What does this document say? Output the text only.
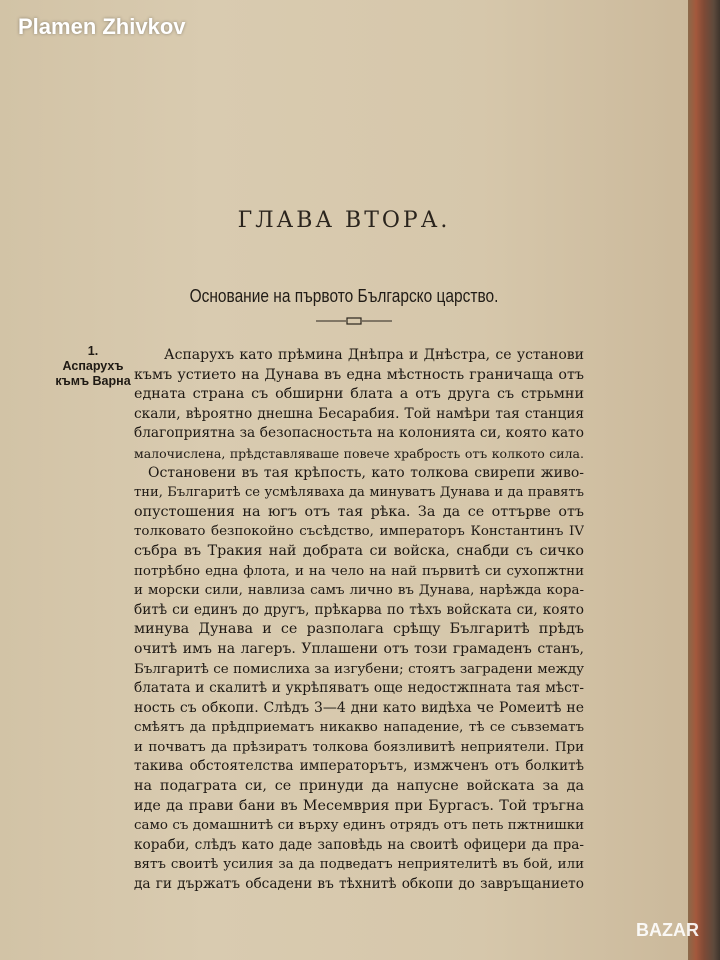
Plamen Zhivkov
ГЛАВА ВТОРА.
Основание на първото Българско царство.
1.
Аспарухъ
къмъ Варна
Аспарухъ като прѣмина Днѣпра и Днѣстра, се установи
къмъ устието на Дунава въ една мѣстность граничаща отъ
едната страна съ обширни блата а отъ друга съ стрьмни
скали, вѣроятно днешна Бесарабия. Той намѣри тая станция
благоприятна за безопасностьта на колонията си, която като
малочислена, прѣдставляваше повече храбрость отъ колкото сила.
Остановени въ тая крѣпость, като толкова свирепи живо-
тни, Българитѣ се усмѣляваха да минуватъ Дунава и да правятъ
опустошения на югъ отъ тая рѣка. За да се оттърве отъ
толковато безпокойно съсѣдство, императоръ Константинъ IV
събра въ Тракия най добрата си войска, снабди съ сичко
потрѣбно една флота, и на чело на най първитѣ си сухопжтни
и морски сили, навлиза самъ лично въ Дунава, нарѣжда кора-
битѣ си единъ до другъ, прѣкарва по тѣхъ войската си, която
минува Дунава и се разполага срѣщу Българитѣ прѣдъ
очитѣ имъ на лагеръ. Уплашени отъ този грамаденъ станъ,
Българитѣ се помислиха за изгубени; стоятъ заградени между
блатата и скалитѣ и укрѣпяватъ още недостжпната тая мѣст-
ность съ обкопи. Слѣдъ 3—4 дни като видѣха че Ромеитѣ не
смѣятъ да прѣдприематъ никакво нападение, тѣ се съвзематъ
и почватъ да прѣзиратъ толкова боязливитѣ неприятели. При
такива обстоятелства императорътъ, измжченъ отъ болкитѣ
на подаграта си, се принуди да напусне войската за да
иде да прави бани въ Месемврия при Бургасъ. Той тръгна
само съ домашнитѣ си върху единъ отрядъ отъ петь пжтнишки
кораби, слѣдъ като даде заповѣдь на своитѣ офицери да пра-
вятъ своитѣ усилия за да подведатъ неприятелитѣ въ бой, или
да ги държатъ обсадени въ тѣхнитѣ обкопи до завръщанието
BAZAR
